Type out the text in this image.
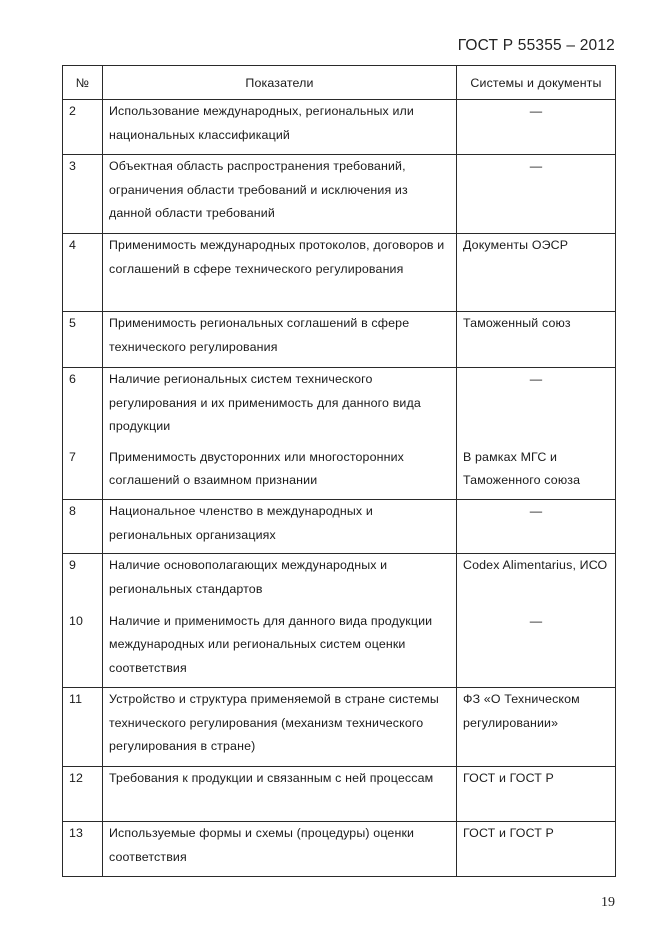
ГОСТ Р 55355 – 2012
№	Показатели	Системы и документы
2	Использование международных, региональных или национальных классификаций	—
3	Объектная область распространения требований, ограничения области требований и исключения из данной области требований	—
4	Применимость международных протоколов, договоров и соглашений в сфере технического регулирования	Документы ОЭСР
5	Применимость региональных соглашений в сфере технического регулирования	Таможенный союз
6	Наличие региональных систем технического регулирования и их применимость для данного вида продукции	—
7	Применимость двусторонних или многосторонних соглашений о взаимном признании	В рамках МГС и Таможенного союза
8	Национальное членство в международных и региональных организациях	—
9	Наличие основополагающих международных и региональных стандартов	Codex Alimentarius, ИСО
10	Наличие и применимость для данного вида продукции международных или региональных систем оценки соответствия	—
11	Устройство и структура применяемой в стране системы технического регулирования (механизм технического регулирования в стране)	ФЗ «О Техническом регулировании»
12	Требования к продукции и связанным с ней процессам	ГОСТ и ГОСТ Р
13	Используемые формы и схемы (процедуры) оценки соответствия	ГОСТ и ГОСТ Р
19
